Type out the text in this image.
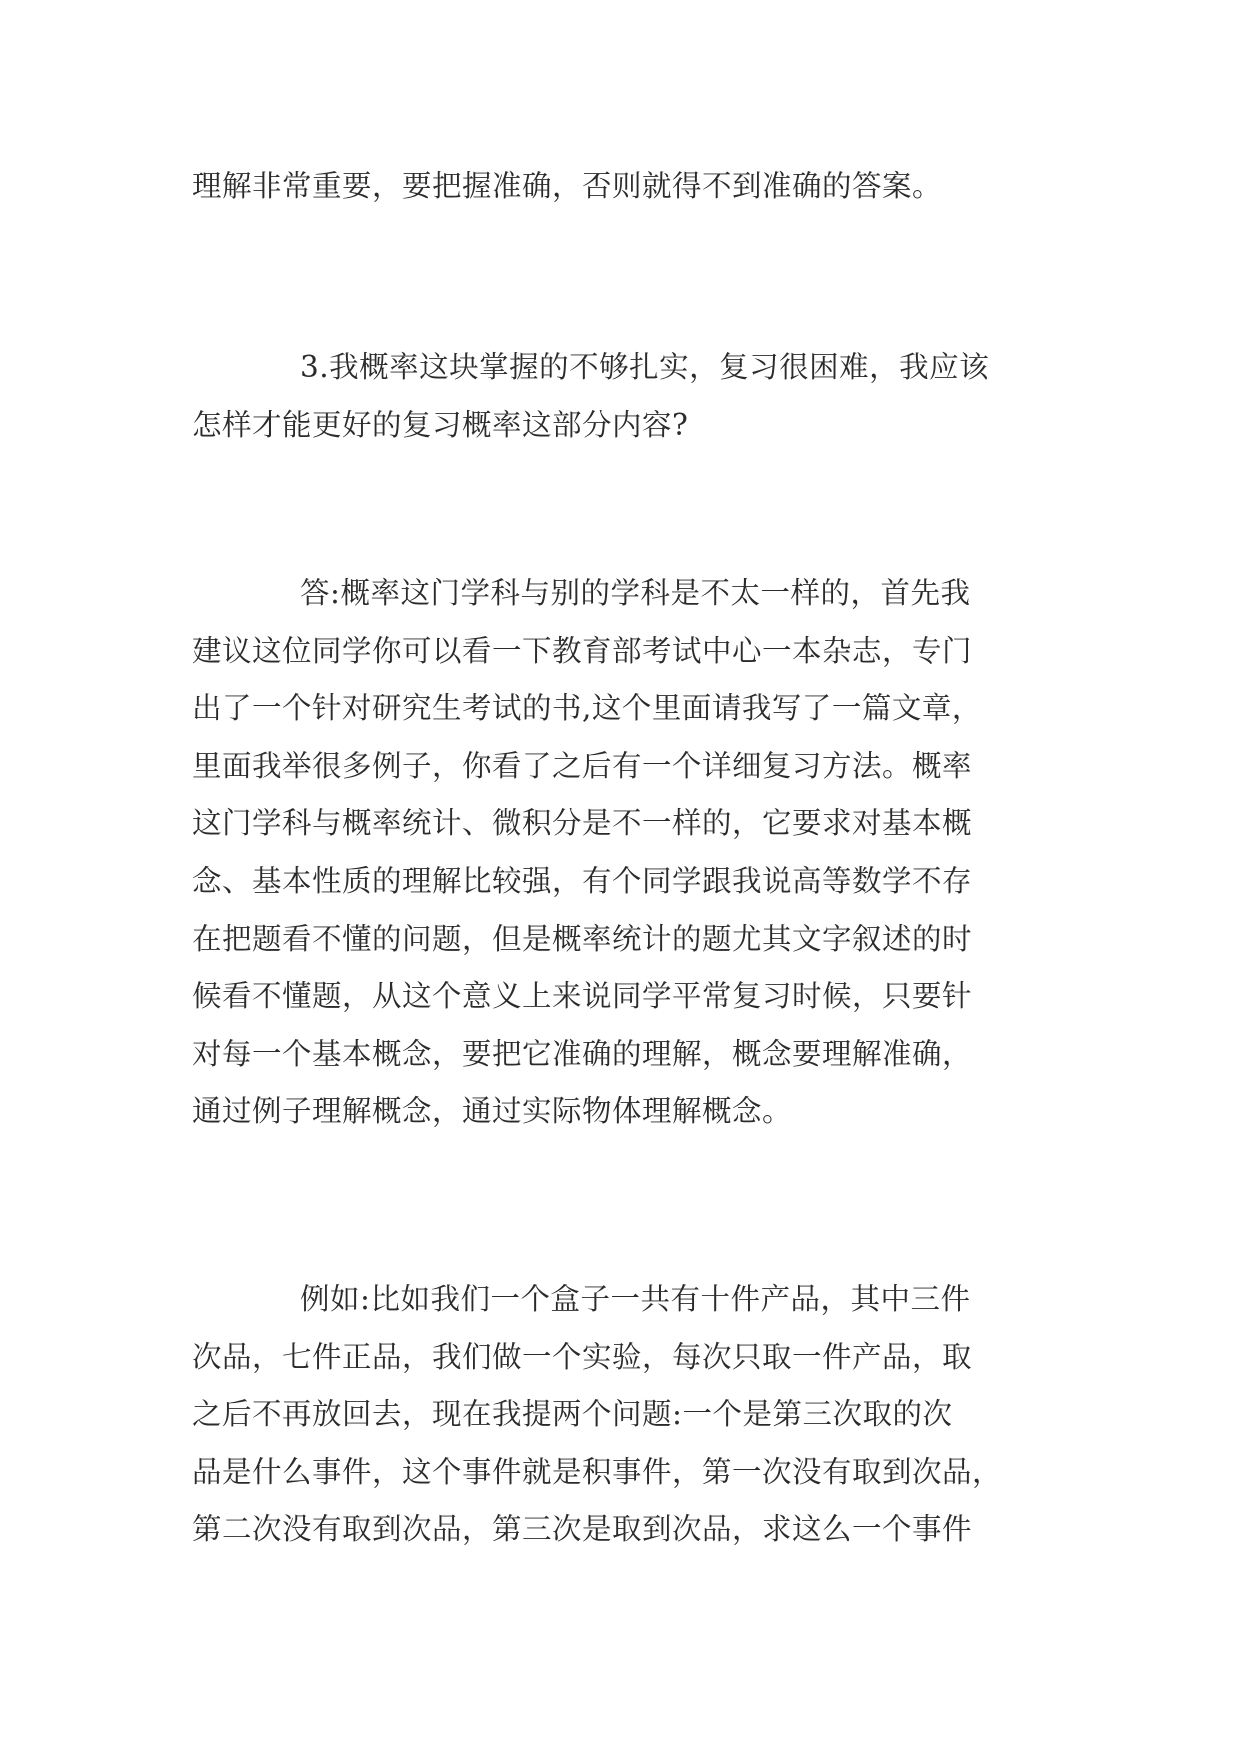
理解非常重要，要把握准确，否则就得不到准确的答案。

3.我概率这块掌握的不够扎实，复习很困难，我应该
怎样才能更好的复习概率这部分内容?

答:概率这门学科与别的学科是不太一样的，首先我
建议这位同学你可以看一下教育部考试中心一本杂志，专门
出了一个针对研究生考试的书,这个里面请我写了一篇文章，
里面我举很多例子，你看了之后有一个详细复习方法。概率
这门学科与概率统计、微积分是不一样的，它要求对基本概
念、基本性质的理解比较强，有个同学跟我说高等数学不存
在把题看不懂的问题，但是概率统计的题尤其文字叙述的时
候看不懂题，从这个意义上来说同学平常复习时候，只要针
对每一个基本概念，要把它准确的理解，概念要理解准确，
通过例子理解概念，通过实际物体理解概念。

例如:比如我们一个盒子一共有十件产品，其中三件
次品，七件正品，我们做一个实验，每次只取一件产品，取
之后不再放回去，现在我提两个问题:一个是第三次取的次
品是什么事件，这个事件就是积事件，第一次没有取到次品，
第二次没有取到次品，第三次是取到次品，求这么一个事件
